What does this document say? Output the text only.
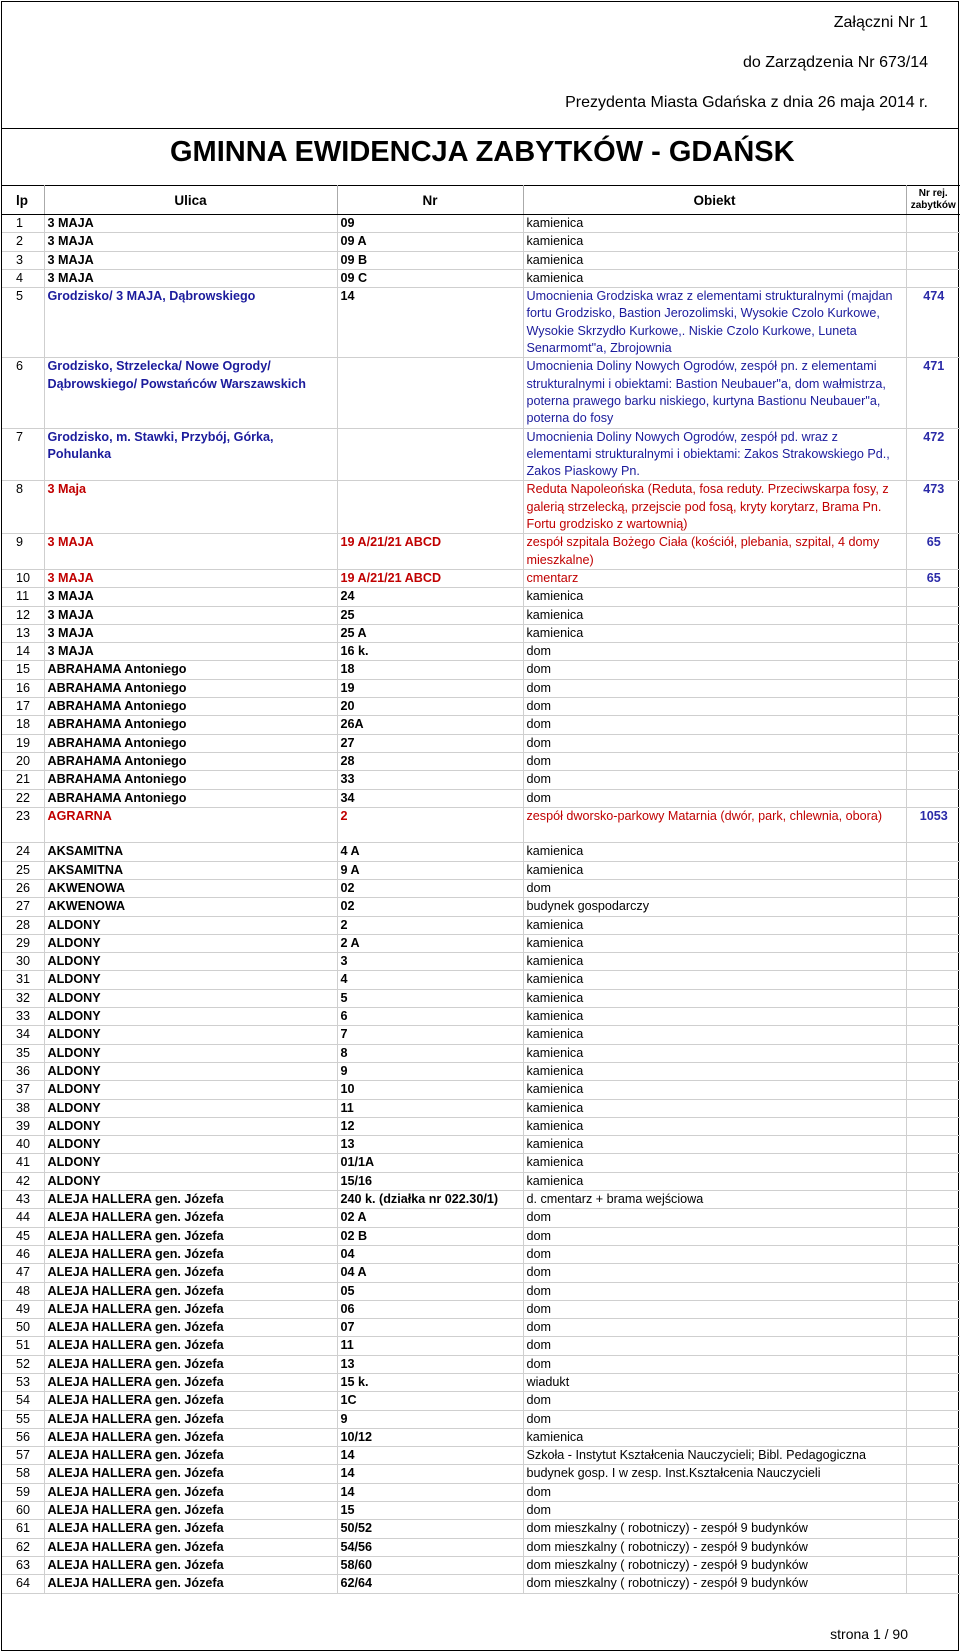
Załączni Nr 1
do Zarządzenia Nr 673/14
Prezydenta Miasta Gdańska z dnia 26 maja 2014 r.
GMINNA EWIDENCJA ZABYTKÓW - GDAŃSK
lp	Ulica	Nr	Obiekt	Nr rej. zabytków
1	3 MAJA	09	kamienica	
2	3 MAJA	09 A	kamienica	
3	3 MAJA	09 B	kamienica	
4	3 MAJA	09 C	kamienica	
5	Grodzisko/ 3 MAJA, Dąbrowskiego	14	Umocnienia Grodziska wraz z elementami strukturalnymi (majdan fortu Grodzisko, Bastion Jerozolimski, Wysokie Czolo Kurkowe, Wysokie Skrzydło Kurkowe,. Niskie Czolo Kurkowe, Luneta Senarmomt"a, Zbrojownia	474
6	Grodzisko, Strzelecka/ Nowe Ogrody/ Dąbrowskiego/ Powstańców Warszawskich		Umocnienia Doliny Nowych Ogrodów, zespół pn. z elementami strukturalnymi i obiektami: Bastion Neubauer"a, dom wałmistrza, poterna prawego barku niskiego, kurtyna Bastionu Neubauer"a, poterna do fosy	471
7	Grodzisko, m. Stawki, Przybój, Górka, Pohulanka		Umocnienia Doliny Nowych Ogrodów, zespół pd. wraz z elementami strukturalnymi i obiektami: Zakos Strakowskiego Pd., Zakos Piaskowy Pn.	472
8	3 Maja		Reduta Napoleońska (Reduta, fosa reduty. Przeciwskarpa fosy, z galerią strzelecką, przejscie pod fosą, kryty korytarz, Brama Pn. Fortu grodzisko z wartownią)	473
9	3 MAJA	19 A/21/21 ABCD	zespół szpitala Bożego Ciała (kościół, plebania, szpital, 4 domy mieszkalne)	65
10	3 MAJA	19 A/21/21 ABCD	cmentarz	65
11	3 MAJA	24	kamienica	
12	3 MAJA	25	kamienica	
13	3 MAJA	25 A	kamienica	
14	3 MAJA	16 k.	dom	
15	ABRAHAMA Antoniego	18	dom	
16	ABRAHAMA Antoniego	19	dom	
17	ABRAHAMA Antoniego	20	dom	
18	ABRAHAMA Antoniego	26A	dom	
19	ABRAHAMA Antoniego	27	dom	
20	ABRAHAMA Antoniego	28	dom	
21	ABRAHAMA Antoniego	33	dom	
22	ABRAHAMA Antoniego	34	dom	
23	AGRARNA	2	zespół dworsko-parkowy Matarnia (dwór, park, chlewnia, obora)	1053
24	AKSAMITNA	4 A	kamienica	
25	AKSAMITNA	9 A	kamienica	
26	AKWENOWA	02	dom	
27	AKWENOWA	02	budynek gospodarczy	
28	ALDONY	2	kamienica	
29	ALDONY	2 A	kamienica	
30	ALDONY	3	kamienica	
31	ALDONY	4	kamienica	
32	ALDONY	5	kamienica	
33	ALDONY	6	kamienica	
34	ALDONY	7	kamienica	
35	ALDONY	8	kamienica	
36	ALDONY	9	kamienica	
37	ALDONY	10	kamienica	
38	ALDONY	11	kamienica	
39	ALDONY	12	kamienica	
40	ALDONY	13	kamienica	
41	ALDONY	01/1A	kamienica	
42	ALDONY	15/16	kamienica	
43	ALEJA HALLERA gen. Józefa	240 k. (działka nr 022.30/1)	d. cmentarz + brama wejściowa	
44	ALEJA HALLERA gen. Józefa	02 A	dom	
45	ALEJA HALLERA gen. Józefa	02 B	dom	
46	ALEJA HALLERA gen. Józefa	04	dom	
47	ALEJA HALLERA gen. Józefa	04 A	dom	
48	ALEJA HALLERA gen. Józefa	05	dom	
49	ALEJA HALLERA gen. Józefa	06	dom	
50	ALEJA HALLERA gen. Józefa	07	dom	
51	ALEJA HALLERA gen. Józefa	11	dom	
52	ALEJA HALLERA gen. Józefa	13	dom	
53	ALEJA HALLERA gen. Józefa	15 k.	wiadukt	
54	ALEJA HALLERA gen. Józefa	1C	dom	
55	ALEJA HALLERA gen. Józefa	9	dom	
56	ALEJA HALLERA gen. Józefa	10/12	kamienica	
57	ALEJA HALLERA gen. Józefa	14	Szkoła - Instytut Kształcenia Nauczycieli; Bibl. Pedagogiczna	
58	ALEJA HALLERA gen. Józefa	14	budynek gosp. I w zesp. Inst.Kształcenia Nauczycieli	
59	ALEJA HALLERA gen. Józefa	14	dom	
60	ALEJA HALLERA gen. Józefa	15	dom	
61	ALEJA HALLERA gen. Józefa	50/52	dom mieszkalny ( robotniczy) - zespół 9 budynków	
62	ALEJA HALLERA gen. Józefa	54/56	dom mieszkalny ( robotniczy) - zespół 9 budynków	
63	ALEJA HALLERA gen. Józefa	58/60	dom mieszkalny ( robotniczy) - zespół 9 budynków	
64	ALEJA HALLERA gen. Józefa	62/64	dom mieszkalny ( robotniczy) - zespół 9 budynków	
strona 1 / 90
